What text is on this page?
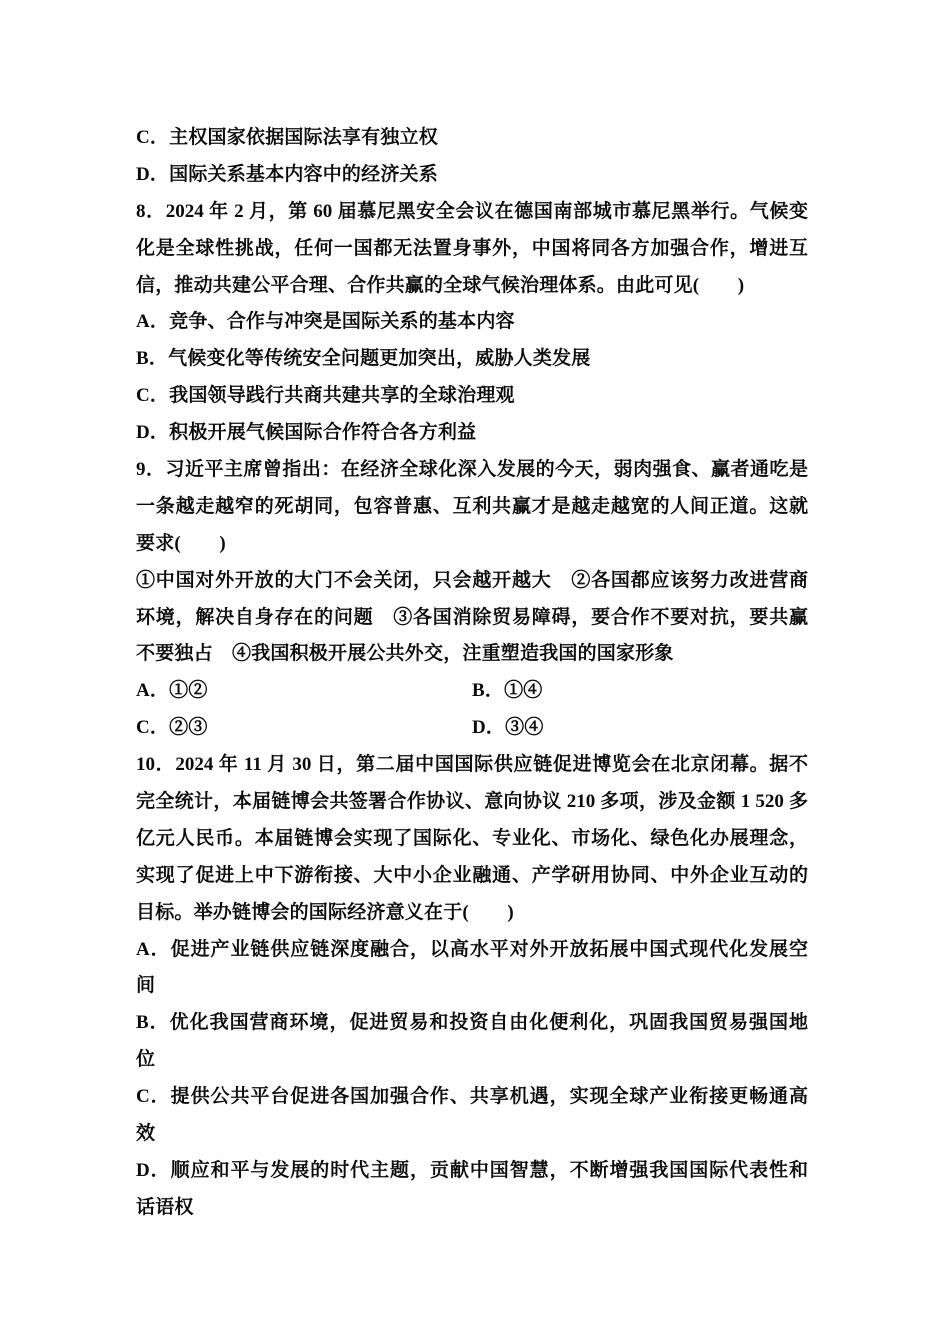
C．主权国家依据国际法享有独立权
D．国际关系基本内容中的经济关系
8．2024 年 2 月，第 60 届慕尼黑安全会议在德国南部城市慕尼黑举行。气候变
化是全球性挑战，任何一国都无法置身事外，中国将同各方加强合作，增进互
信，推动共建公平合理、合作共赢的全球气候治理体系。由此可见(　　)
A．竞争、合作与冲突是国际关系的基本内容
B．气候变化等传统安全问题更加突出，威胁人类发展
C．我国领导践行共商共建共享的全球治理观
D．积极开展气候国际合作符合各方利益
9．习近平主席曾指出：在经济全球化深入发展的今天，弱肉强食、赢者通吃是
一条越走越窄的死胡同，包容普惠、互利共赢才是越走越宽的人间正道。这就
要求(　　)
①中国对外开放的大门不会关闭，只会越开越大　②各国都应该努力改进营商
环境，解决自身存在的问题　③各国消除贸易障碍，要合作不要对抗，要共赢
不要独占　④我国积极开展公共外交，注重塑造我国的国家形象
A．①②	B．①④
C．②③	D．③④
10．2024 年 11 月 30 日，第二届中国国际供应链促进博览会在北京闭幕。据不
完全统计，本届链博会共签署合作协议、意向协议 210 多项，涉及金额 1 520 多
亿元人民币。本届链博会实现了国际化、专业化、市场化、绿色化办展理念，
实现了促进上中下游衔接、大中小企业融通、产学研用协同、中外企业互动的
目标。举办链博会的国际经济意义在于(　　)
A．促进产业链供应链深度融合，以高水平对外开放拓展中国式现代化发展空
间
B．优化我国营商环境，促进贸易和投资自由化便利化，巩固我国贸易强国地
位
C．提供公共平台促进各国加强合作、共享机遇，实现全球产业衔接更畅通高
效
D．顺应和平与发展的时代主题，贡献中国智慧，不断增强我国国际代表性和
话语权
